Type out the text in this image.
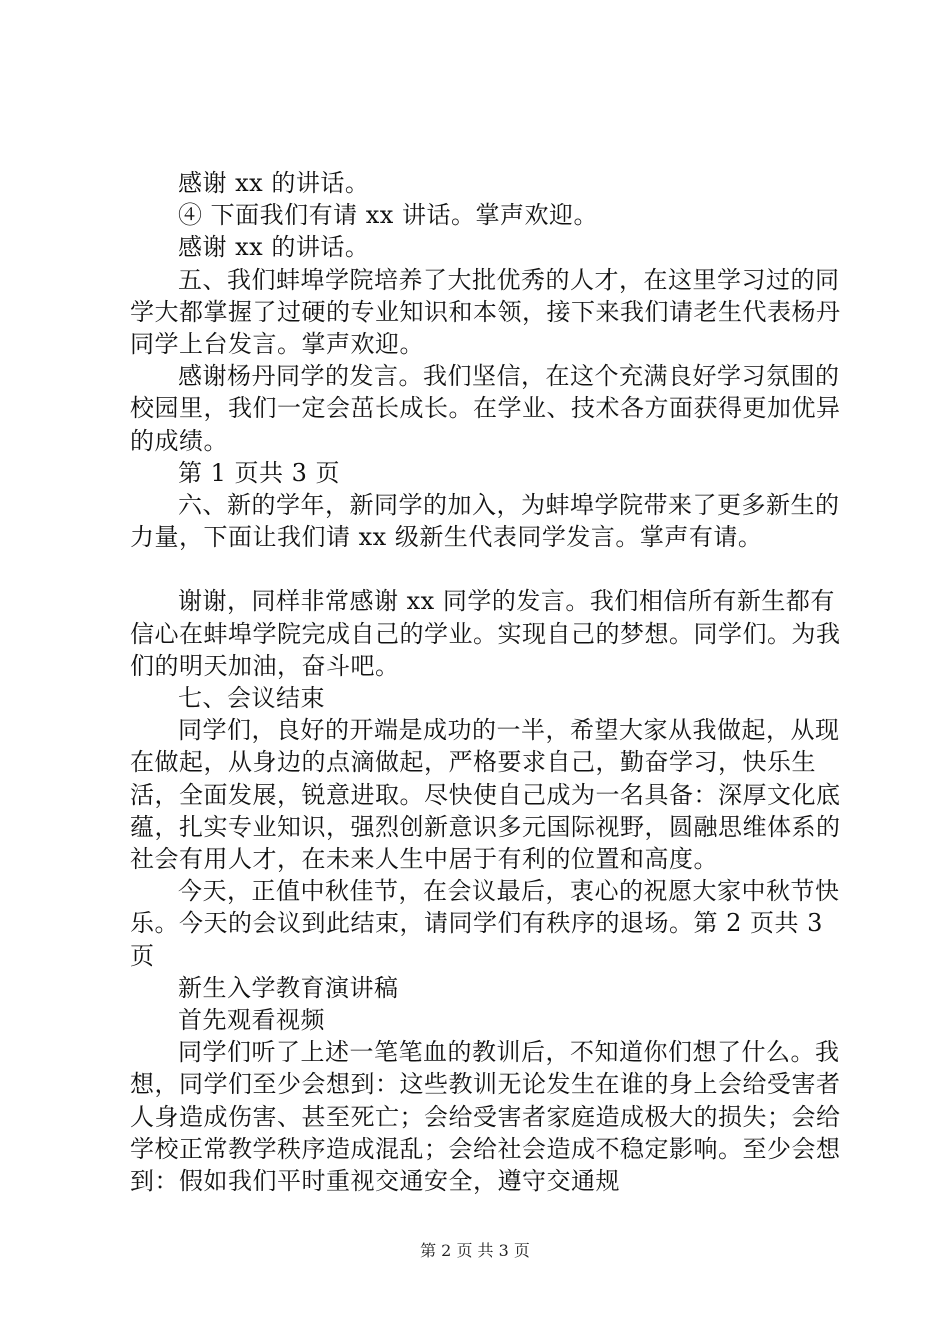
感谢 xx 的讲话。

④ 下面我们有请 xx 讲话。掌声欢迎。

感谢 xx 的讲话。

五、我们蚌埠学院培养了大批优秀的人才，在这里学习过的同学大都掌握了过硬的专业知识和本领，接下来我们请老生代表杨丹同学上台发言。掌声欢迎。

感谢杨丹同学的发言。我们坚信，在这个充满良好学习氛围的校园里，我们一定会茁长成长。在学业、技术各方面获得更加优异的成绩。

第 1 页共 3 页

六、新的学年，新同学的加入，为蚌埠学院带来了更多新生的力量，下面让我们请 xx 级新生代表同学发言。掌声有请。

谢谢，同样非常感谢 xx 同学的发言。我们相信所有新生都有信心在蚌埠学院完成自己的学业。实现自己的梦想。同学们。为我们的明天加油，奋斗吧。

七、会议结束

同学们，良好的开端是成功的一半，希望大家从我做起，从现在做起，从身边的点滴做起，严格要求自己，勤奋学习，快乐生活，全面发展，锐意进取。尽快使自己成为一名具备：深厚文化底蕴，扎实专业知识，强烈创新意识多元国际视野，圆融思维体系的社会有用人才，在未来人生中居于有利的位置和高度。

今天，正值中秋佳节，在会议最后，衷心的祝愿大家中秋节快乐。今天的会议到此结束，请同学们有秩序的退场。第 2 页共 3 页

新生入学教育演讲稿

首先观看视频

同学们听了上述一笔笔血的教训后，不知道你们想了什么。我想，同学们至少会想到：这些教训无论发生在谁的身上会给受害者人身造成伤害、甚至死亡；会给受害者家庭造成极大的损失；会给学校正常教学秩序造成混乱；会给社会造成不稳定影响。至少会想到：假如我们平时重视交通安全，遵守交通规

第 2 页 共 3 页
